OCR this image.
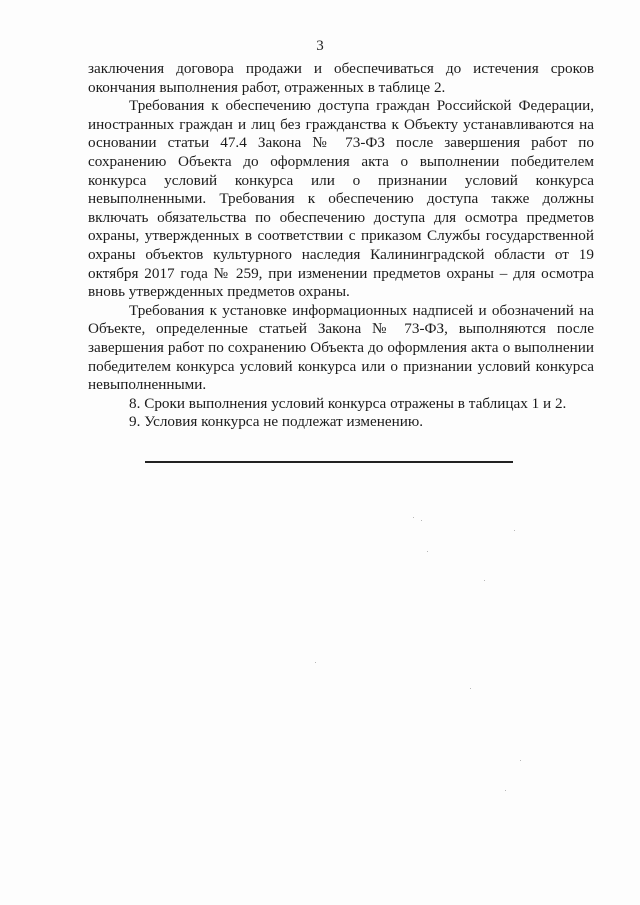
3

заключения договора продажи и обеспечиваться до истечения сроков окончания выполнения работ, отраженных в таблице 2.

Требования к обеспечению доступа граждан Российской Федерации, иностранных граждан и лиц без гражданства к Объекту устанавливаются на основании статьи 47.4 Закона № 73-ФЗ после завершения работ по сохранению Объекта до оформления акта о выполнении победителем конкурса условий конкурса или о признании условий конкурса невыполненными. Требования к обеспечению доступа также должны включать обязательства по обеспечению доступа для осмотра предметов охраны, утвержденных в соответствии с приказом Службы государственной охраны объектов культурного наследия Калининградской области от 19 октября 2017 года № 259, при изменении предметов охраны – для осмотра вновь утвержденных предметов охраны.

Требования к установке информационных надписей и обозначений на Объекте, определенные статьей Закона № 73-ФЗ, выполняются после завершения работ по сохранению Объекта до оформления акта о выполнении победителем конкурса условий конкурса или о признании условий конкурса невыполненными.

8. Сроки выполнения условий конкурса отражены в таблицах 1 и 2.

9. Условия конкурса не подлежат изменению.
